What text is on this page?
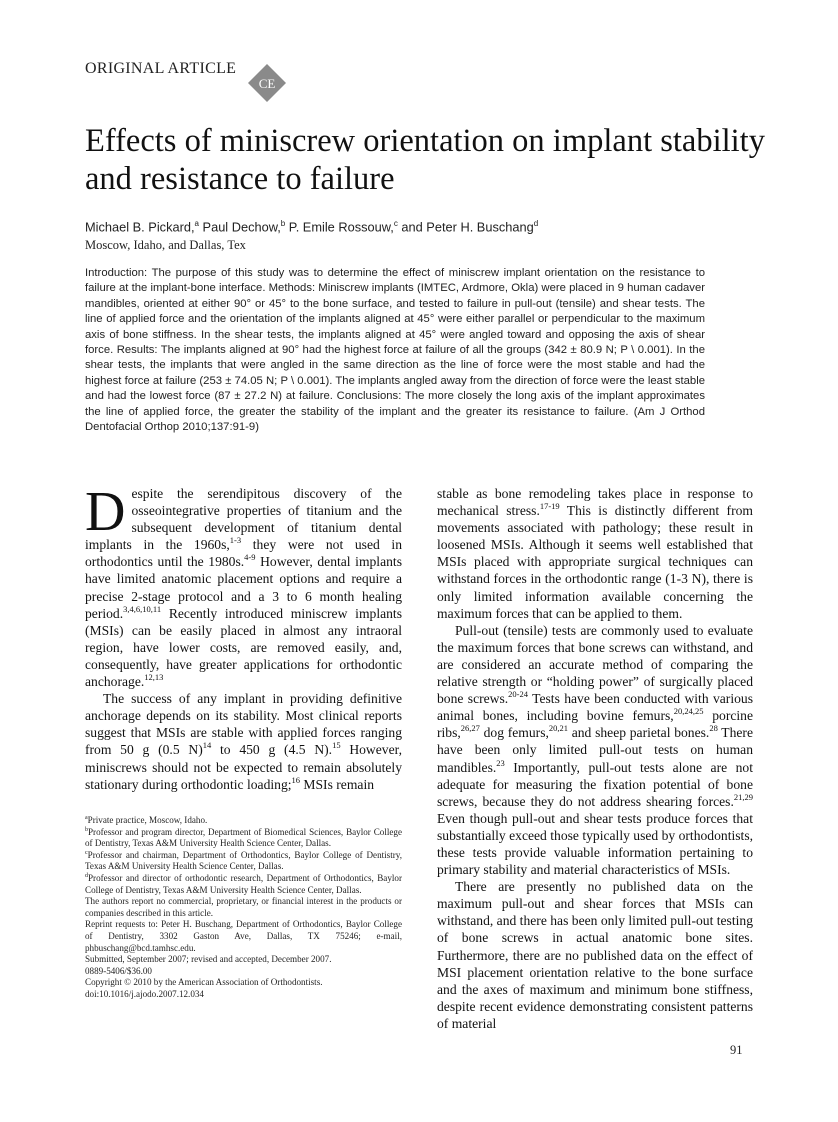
ORIGINAL ARTICLE
CE
Effects of miniscrew orientation on implant stability and resistance to failure
Michael B. Pickard,$^a$ Paul Dechow,$^b$ P. Emile Rossouw,$^c$ and Peter H. Buschang$^d$
Moscow, Idaho, and Dallas, Tex

Introduction: The purpose of this study was to determine the effect of miniscrew implant orientation on the resistance to failure at the implant-bone interface. Methods: Miniscrew implants (IMTEC, Ardmore, Okla) were placed in 9 human cadaver mandibles, oriented at either 90° or 45° to the bone surface, and tested to failure in pull-out (tensile) and shear tests. The line of applied force and the orientation of the implants aligned at 45° were either parallel or perpendicular to the maximum axis of bone stiffness. In the shear tests, the implants aligned at 45° were angled toward and opposing the axis of shear force. Results: The implants aligned at 90° had the highest force at failure of all the groups (342 ± 80.9 N; P \ 0.001). In the shear tests, the implants that were angled in the same direction as the line of force were the most stable and had the highest force at failure (253 ± 74.05 N; P \ 0.001). The implants angled away from the direction of force were the least stable and had the lowest force (87 ± 27.2 N) at failure. Conclusions: The more closely the long axis of the implant approximates the line of applied force, the greater the stability of the implant and the greater its resistance to failure. (Am J Orthod Dentofacial Orthop 2010;137:91-9)

Despite the serendipitous discovery of the osseointegrative properties of titanium and the subsequent development of titanium dental implants in the 1960s,$^{1-3}$ they were not used in orthodontics until the 1980s.$^{4-9}$ However, dental implants have limited anatomic placement options and require a precise 2-stage protocol and a 3 to 6 month healing period.$^{3,4,6,10,11}$ Recently introduced miniscrew implants (MSIs) can be easily placed in almost any intraoral region, have lower costs, are removed easily, and, consequently, have greater applications for orthodontic anchorage.$^{12,13}$

The success of any implant in providing definitive anchorage depends on its stability. Most clinical reports suggest that MSIs are stable with applied forces ranging from 50 g (0.5 N)$^{14}$ to 450 g (4.5 N).$^{15}$ However, miniscrews should not be expected to remain absolutely stationary during orthodontic loading;$^{16}$ MSIs remain

stable as bone remodeling takes place in response to mechanical stress.$^{17-19}$ This is distinctly different from movements associated with pathology; these result in loosened MSIs. Although it seems well established that MSIs placed with appropriate surgical techniques can withstand forces in the orthodontic range (1-3 N), there is only limited information available concerning the maximum forces that can be applied to them.

Pull-out (tensile) tests are commonly used to evaluate the maximum forces that bone screws can withstand, and are considered an accurate method of comparing the relative strength or “holding power” of surgically placed bone screws.$^{20-24}$ Tests have been conducted with various animal bones, including bovine femurs,$^{20,24,25}$ porcine ribs,$^{26,27}$ dog femurs,$^{20,21}$ and sheep parietal bones.$^{28}$ There have been only limited pull-out tests on human mandibles.$^{23}$ Importantly, pull-out tests alone are not adequate for measuring the fixation potential of bone screws, because they do not address shearing forces.$^{21,29}$ Even though pull-out and shear tests produce forces that substantially exceed those typically used by orthodontists, these tests provide valuable information pertaining to primary stability and material characteristics of MSIs.

There are presently no published data on the maximum pull-out and shear forces that MSIs can withstand, and there has been only limited pull-out testing of bone screws in actual anatomic bone sites. Furthermore, there are no published data on the effect of MSI placement orientation relative to the bone surface and the axes of maximum and minimum bone stiffness, despite recent evidence demonstrating consistent patterns of material

$^a$Private practice, Moscow, Idaho.

$^b$Professor and program director, Department of Biomedical Sciences, Baylor College of Dentistry, Texas A&M University Health Science Center, Dallas.

$^c$Professor and chairman, Department of Orthodontics, Baylor College of Dentistry, Texas A&M University Health Science Center, Dallas.

$^d$Professor and director of orthodontic research, Department of Orthodontics, Baylor College of Dentistry, Texas A&M University Health Science Center, Dallas.

The authors report no commercial, proprietary, or financial interest in the products or companies described in this article.

Reprint requests to: Peter H. Buschang, Department of Orthodontics, Baylor College of Dentistry, 3302 Gaston Ave, Dallas, TX 75246; e-mail, phbuschang@bcd.tamhsc.edu.

Submitted, September 2007; revised and accepted, December 2007.

0889-5406/$36.00

Copyright © 2010 by the American Association of Orthodontists.

doi:10.1016/j.ajodo.2007.12.034

91
